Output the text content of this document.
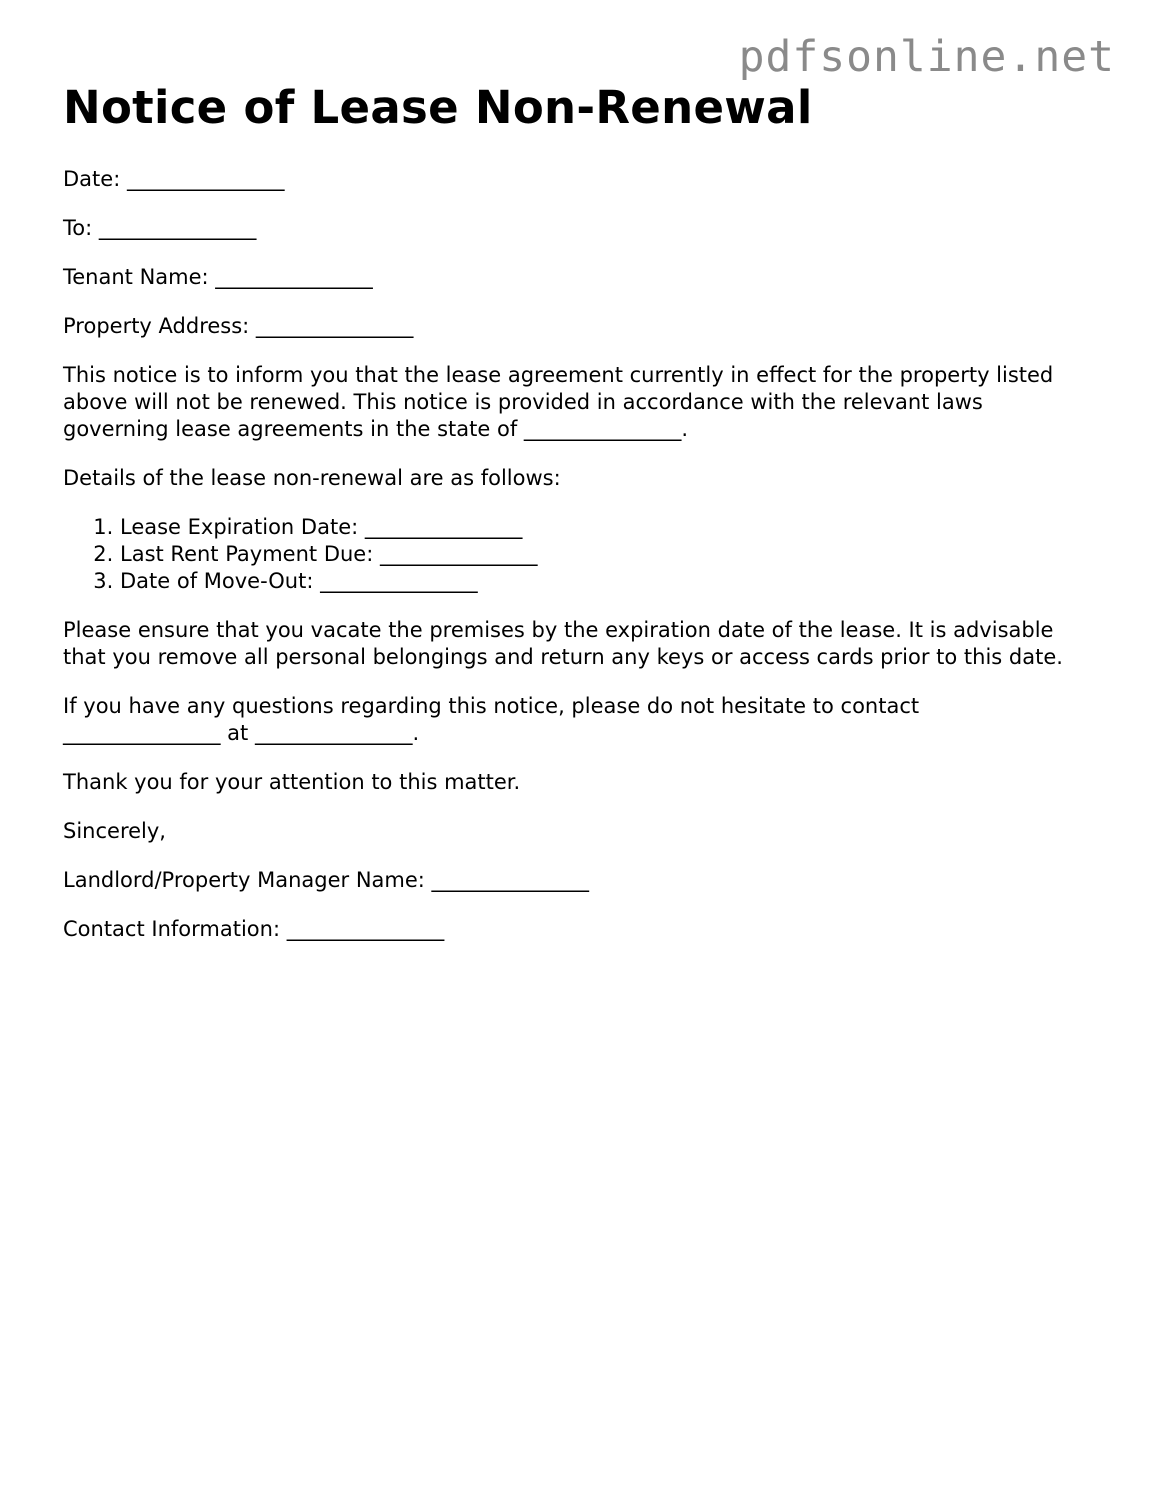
pdfsonline.net
Notice of Lease Non-Renewal

Date: _______________

To: _______________

Tenant Name: _______________

Property Address: _______________

This notice is to inform you that the lease agreement currently in effect for the property listed above will not be renewed. This notice is provided in accordance with the relevant laws governing lease agreements in the state of _______________.

Details of the lease non-renewal are as follows:

1. Lease Expiration Date: _______________
2. Last Rent Payment Due: _______________
3. Date of Move-Out: _______________

Please ensure that you vacate the premises by the expiration date of the lease. It is advisable that you remove all personal belongings and return any keys or access cards prior to this date.

If you have any questions regarding this notice, please do not hesitate to contact _______________ at _______________.

Thank you for your attention to this matter.

Sincerely,

Landlord/Property Manager Name: _______________

Contact Information: _______________
